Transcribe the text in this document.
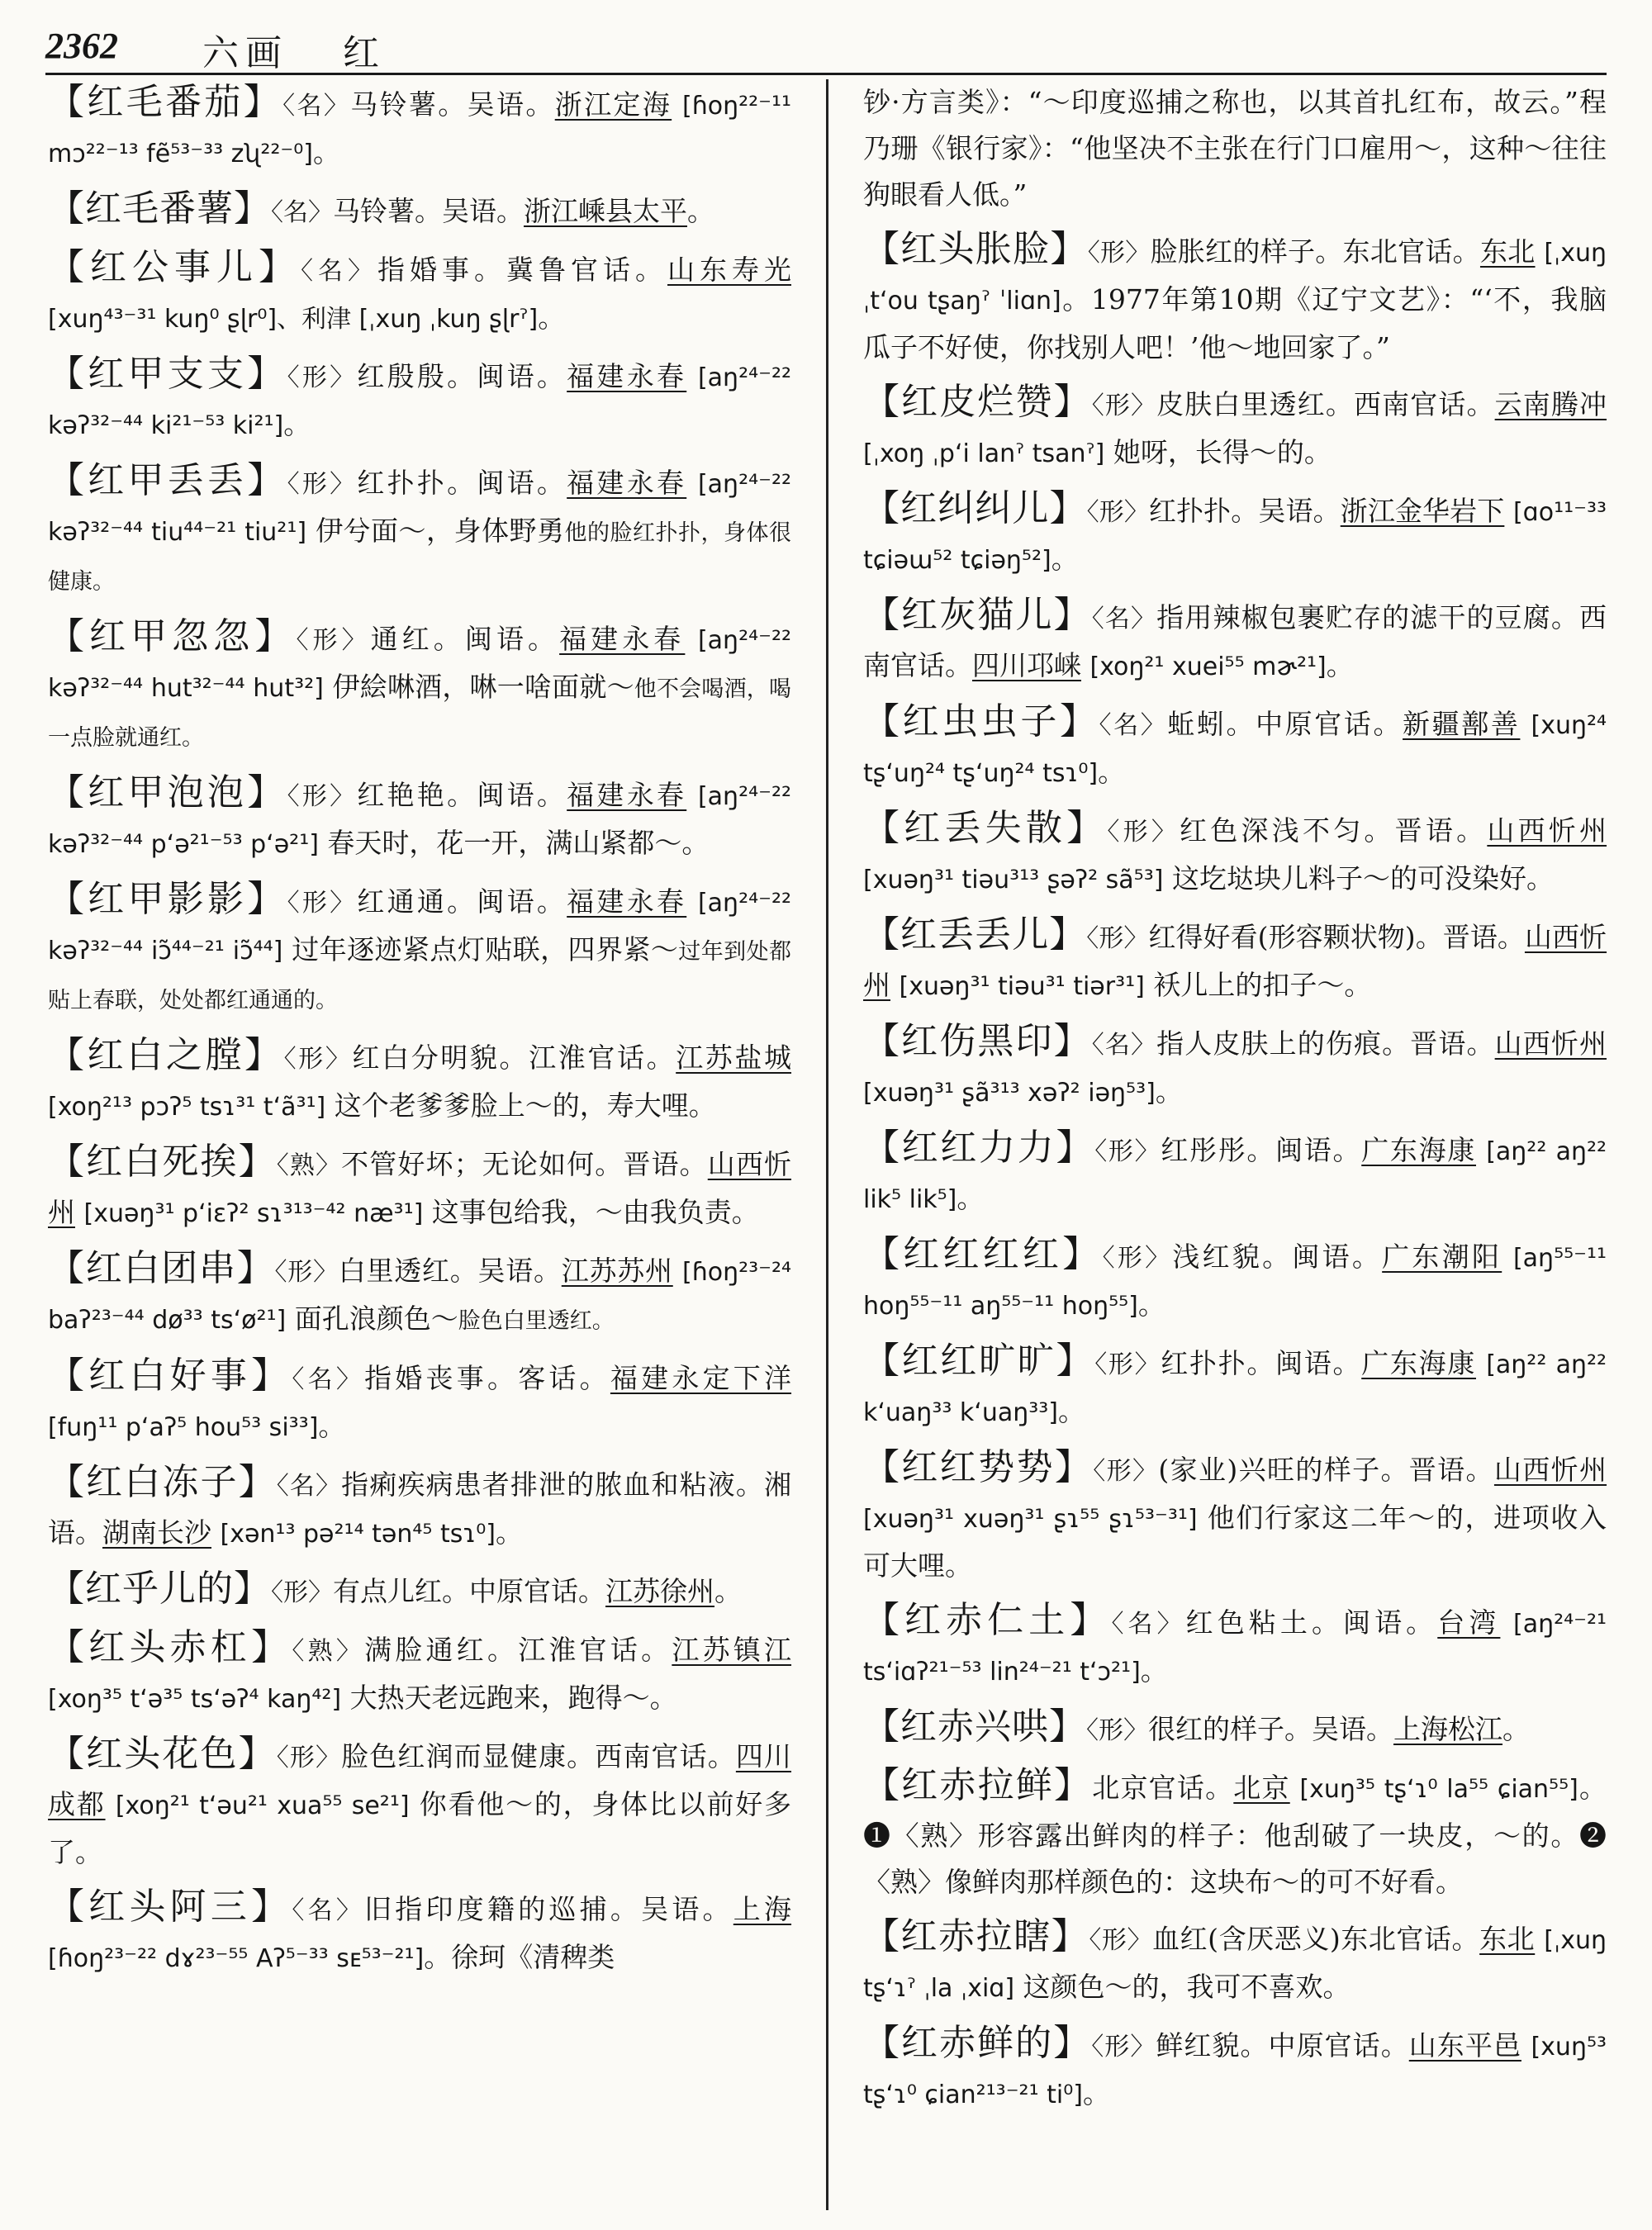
2362 六画 红

【红毛番茄】〈名〉马铃薯。吴语。浙江定海 [ɦoŋ²²⁻¹¹ mɔ²²⁻¹³ fẽ⁵³⁻³³ zʯ²²⁻⁰]。

【红毛番薯】〈名〉马铃薯。吴语。浙江嵊县太平。

【红公事儿】〈名〉指婚事。冀鲁官话。山东寿光 [xuŋ⁴³⁻³¹ kuŋ⁰ ʂɭr⁰]、利津 [ˌxuŋ ˌkuŋ ʂɭrˀ]。

【红甲支支】〈形〉红殷殷。闽语。福建永春 [aŋ²⁴⁻²² kəʔ³²⁻⁴⁴ ki²¹⁻⁵³ ki²¹]。

【红甲丢丢】〈形〉红扑扑。闽语。福建永春 [aŋ²⁴⁻²² kəʔ³²⁻⁴⁴ tiu⁴⁴⁻²¹ tiu²¹] 伊兮面～，身体野勇他的脸红扑扑，身体很健康。

【红甲忽忽】〈形〉通红。闽语。福建永春 [aŋ²⁴⁻²² kəʔ³²⁻⁴⁴ hut³²⁻⁴⁴ hut³²] 伊絵啉酒，啉一啥面就～他不会喝酒，喝一点脸就通红。

【红甲泡泡】〈形〉红艳艳。闽语。福建永春 [aŋ²⁴⁻²² kəʔ³²⁻⁴⁴ p‘ə²¹⁻⁵³ p‘ə²¹] 春天时，花一开，满山紧都～。

【红甲影影】〈形〉红通通。闽语。福建永春 [aŋ²⁴⁻²² kəʔ³²⁻⁴⁴ iɔ̃⁴⁴⁻²¹ iɔ̃⁴⁴] 过年逐迹紧点灯贴联，四界紧～过年到处都贴上春联，处处都红通通的。

【红白之膛】〈形〉红白分明貌。江淮官话。江苏盐城 [xoŋ²¹³ pɔʔ⁵ tsɿ³¹ t‘ã³¹] 这个老爹爹脸上～的，寿大哩。

【红白死挨】〈熟〉不管好坏；无论如何。晋语。山西忻州 [xuəŋ³¹ p‘iɛʔ² sɿ³¹³⁻⁴² næ³¹] 这事包给我，～由我负责。

【红白团串】〈形〉白里透红。吴语。江苏苏州 [ɦoŋ²³⁻²⁴ baʔ²³⁻⁴⁴ dø³³ ts‘ø²¹] 面孔浪颜色～脸色白里透红。

【红白好事】〈名〉指婚丧事。客话。福建永定下洋 [fuŋ¹¹ p‘aʔ⁵ hou⁵³ si³³]。

【红白冻子】〈名〉指痢疾病患者排泄的脓血和粘液。湘语。湖南长沙 [xən¹³ pə²¹⁴ tən⁴⁵ tsɿ⁰]。

【红乎儿的】〈形〉有点儿红。中原官话。江苏徐州。

【红头赤杠】〈熟〉满脸通红。江淮官话。江苏镇江 [xoŋ³⁵ t‘ə³⁵ ts‘əʔ⁴ kaŋ⁴²] 大热天老远跑来，跑得～。

【红头花色】〈形〉脸色红润而显健康。西南官话。四川成都 [xoŋ²¹ t‘əu²¹ xua⁵⁵ se²¹] 你看他～的，身体比以前好多了。

【红头阿三】〈名〉旧指印度籍的巡捕。吴语。上海 [ɦoŋ²³⁻²² dɤ²³⁻⁵⁵ Aʔ⁵⁻³³ sᴇ⁵³⁻²¹]。徐珂《清稗类

钞·方言类》：“～印度巡捕之称也，以其首扎红布，故云。”程乃珊《银行家》：“他坚决不主张在行门口雇用～，这种～往往狗眼看人低。”

【红头胀脸】〈形〉脸胀红的样子。东北官话。东北 [ˌxuŋ ˌt‘ou tʂaŋˀ ˈliɑn]。1977年第10期《辽宁文艺》：“‘不，我脑瓜子不好使，你找别人吧！’他～地回家了。”

【红皮烂赞】〈形〉皮肤白里透红。西南官话。云南腾冲 [ˌxoŋ ˌp‘i lanˀ tsanˀ] 她呀，长得～的。

【红纠纠儿】〈形〉红扑扑。吴语。浙江金华岩下 [ɑo¹¹⁻³³ tɕiəɯ⁵² tɕiəŋ⁵²]。

【红灰猫儿】〈名〉指用辣椒包裹贮存的滤干的豆腐。西南官话。四川邛崃 [xoŋ²¹ xuei⁵⁵ mɚ²¹]。

【红虫虫子】〈名〉蚯蚓。中原官话。新疆鄯善 [xuŋ²⁴ tʂ‘uŋ²⁴ tʂ‘uŋ²⁴ tsɿ⁰]。

【红丢失散】〈形〉红色深浅不匀。晋语。山西忻州 [xuəŋ³¹ tiəu³¹³ ʂəʔ² sã⁵³] 这圪垯块儿料子～的可没染好。

【红丢丢儿】〈形〉红得好看(形容颗状物)。晋语。山西忻州 [xuəŋ³¹ tiəu³¹ tiər³¹] 袄儿上的扣子～。

【红伤黑印】〈名〉指人皮肤上的伤痕。晋语。山西忻州 [xuəŋ³¹ ʂã³¹³ xəʔ² iəŋ⁵³]。

【红红力力】〈形〉红彤彤。闽语。广东海康 [aŋ²² aŋ²² lik⁵ lik⁵]。

【红红红红】〈形〉浅红貌。闽语。广东潮阳 [aŋ⁵⁵⁻¹¹ hoŋ⁵⁵⁻¹¹ aŋ⁵⁵⁻¹¹ hoŋ⁵⁵]。

【红红旷旷】〈形〉红扑扑。闽语。广东海康 [aŋ²² aŋ²² k‘uaŋ³³ k‘uaŋ³³]。

【红红势势】〈形〉(家业)兴旺的样子。晋语。山西忻州 [xuəŋ³¹ xuəŋ³¹ ʂɿ⁵⁵ ʂɿ⁵³⁻³¹] 他们行家这二年～的，进项收入可大哩。

【红赤仁土】〈名〉红色粘土。闽语。台湾 [aŋ²⁴⁻²¹ ts‘iɑʔ²¹⁻⁵³ lin²⁴⁻²¹ t‘ɔ²¹]。

【红赤兴哄】〈形〉很红的样子。吴语。上海松江。

【红赤拉鲜】北京官话。北京 [xuŋ³⁵ tʂ‘ɿ⁰ la⁵⁵ ɕian⁵⁵]。❶〈熟〉形容露出鲜肉的样子：他刮破了一块皮，～的。❷〈熟〉像鲜肉那样颜色的：这块布～的可不好看。

【红赤拉瞎】〈形〉血红(含厌恶义)东北官话。东北 [ˌxuŋ tʂ‘ɿˀ ˌla ˌxiɑ] 这颜色～的，我可不喜欢。

【红赤鲜的】〈形〉鲜红貌。中原官话。山东平邑 [xuŋ⁵³ tʂ‘ɿ⁰ ɕian²¹³⁻²¹ ti⁰]。
